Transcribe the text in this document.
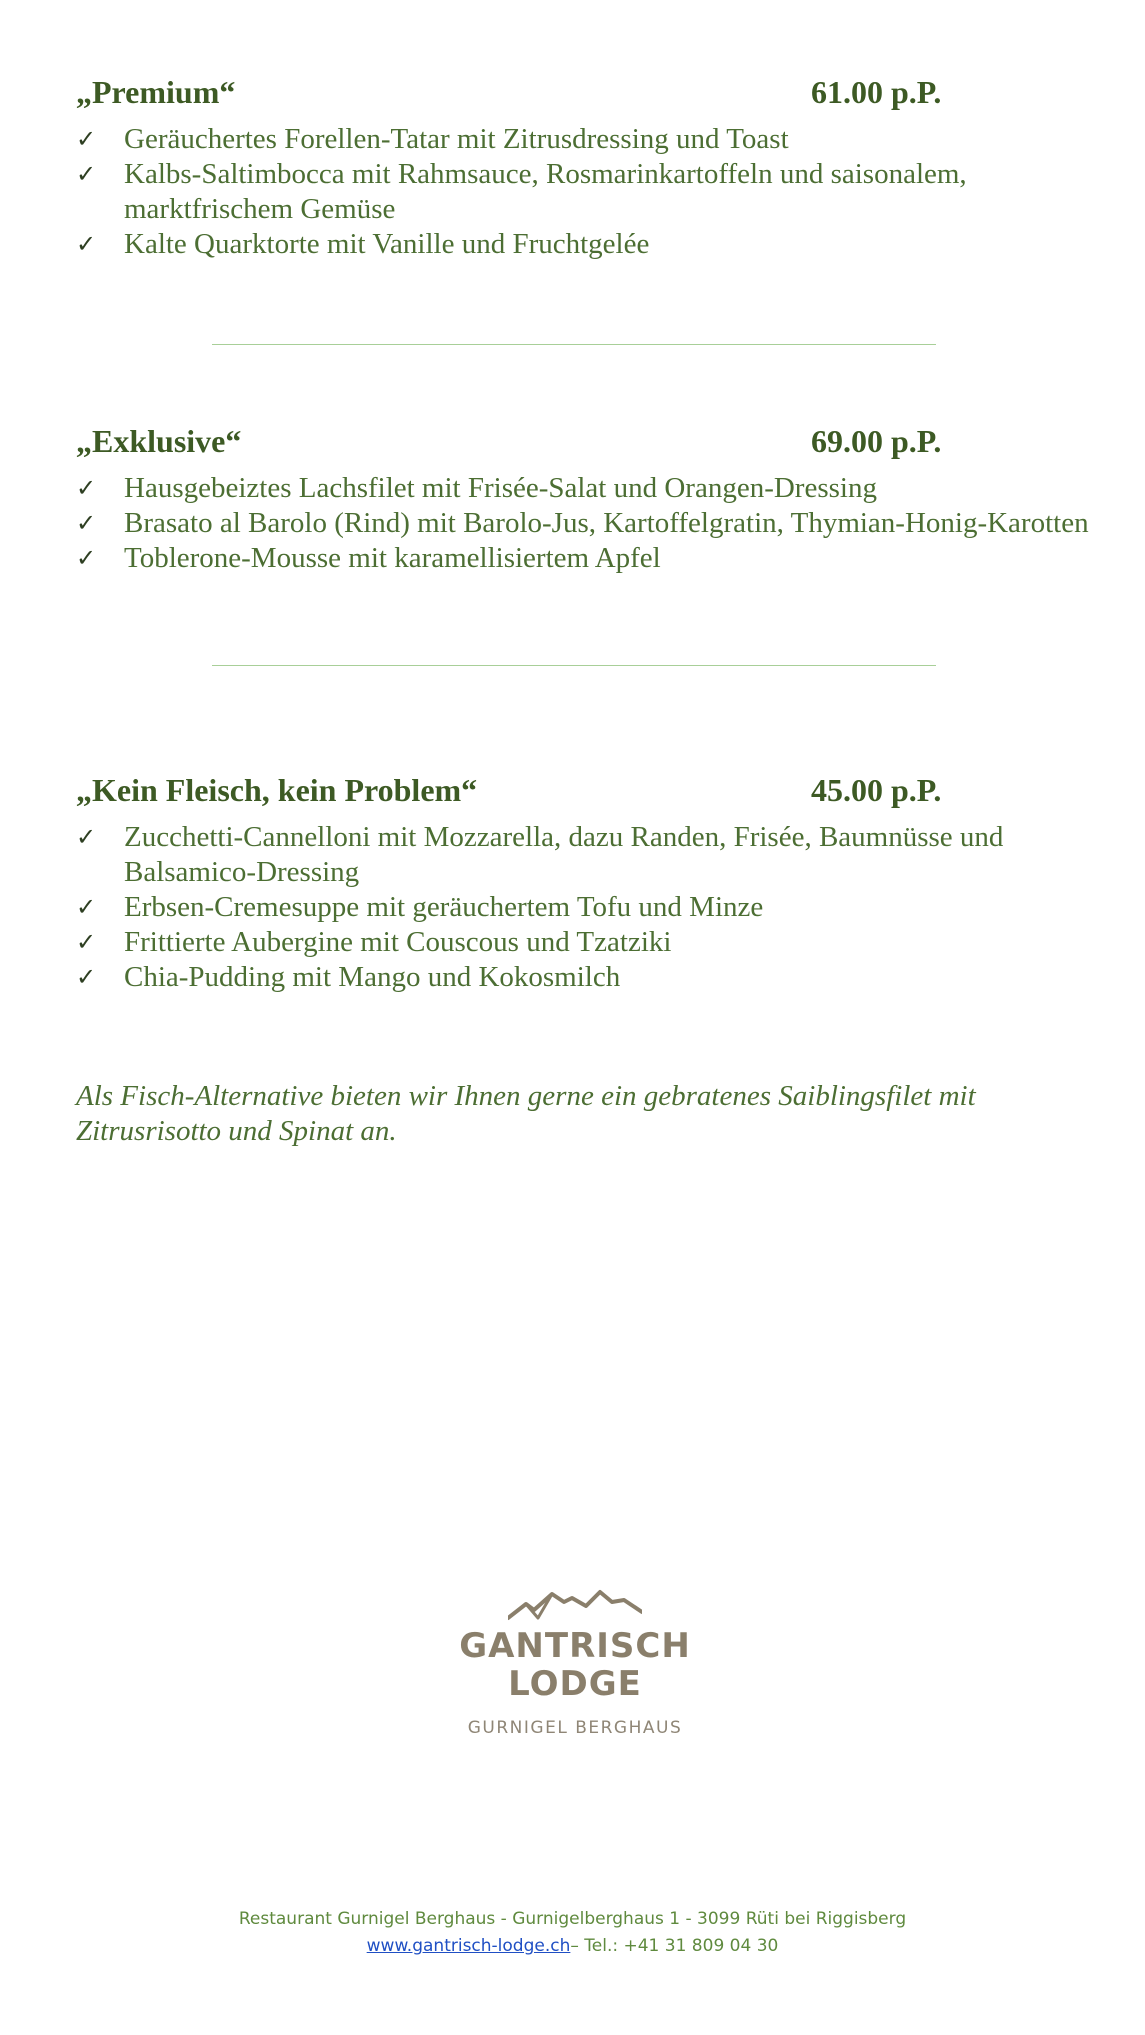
„Premium“	61.00 p.P.
✓ Geräuchertes Forellen-Tatar mit Zitrusdressing und Toast
✓ Kalbs-Saltimbocca mit Rahmsauce, Rosmarinkartoffeln und saisonalem, marktfrischem Gemüse
✓ Kalte Quarktorte mit Vanille und Fruchtgelée
„Exklusive“	69.00 p.P.
✓ Hausgebeiztes Lachsfilet mit Frisée-Salat und Orangen-Dressing
✓ Brasato al Barolo (Rind) mit Barolo-Jus, Kartoffelgratin, Thymian-Honig-Karotten
✓ Toblerone-Mousse mit karamellisiertem Apfel
„Kein Fleisch, kein Problem“	45.00 p.P.
✓ Zucchetti-Cannelloni mit Mozzarella, dazu Randen, Frisée, Baumnüsse und Balsamico-Dressing
✓ Erbsen-Cremesuppe mit geräuchertem Tofu und Minze
✓ Frittierte Aubergine mit Couscous und Tzatziki
✓ Chia-Pudding mit Mango und Kokosmilch

Als Fisch-Alternative bieten wir Ihnen gerne ein gebratenes Saiblingsfilet mit Zitrusrisotto und Spinat an.

GANTRISCH
LODGE
GURNIGEL BERGHAUS
Restaurant Gurnigel Berghaus - Gurnigelberghaus 1 - 3099 Rüti bei Riggisberg
www.gantrisch-lodge.ch– Tel.: +41 31 809 04 30
